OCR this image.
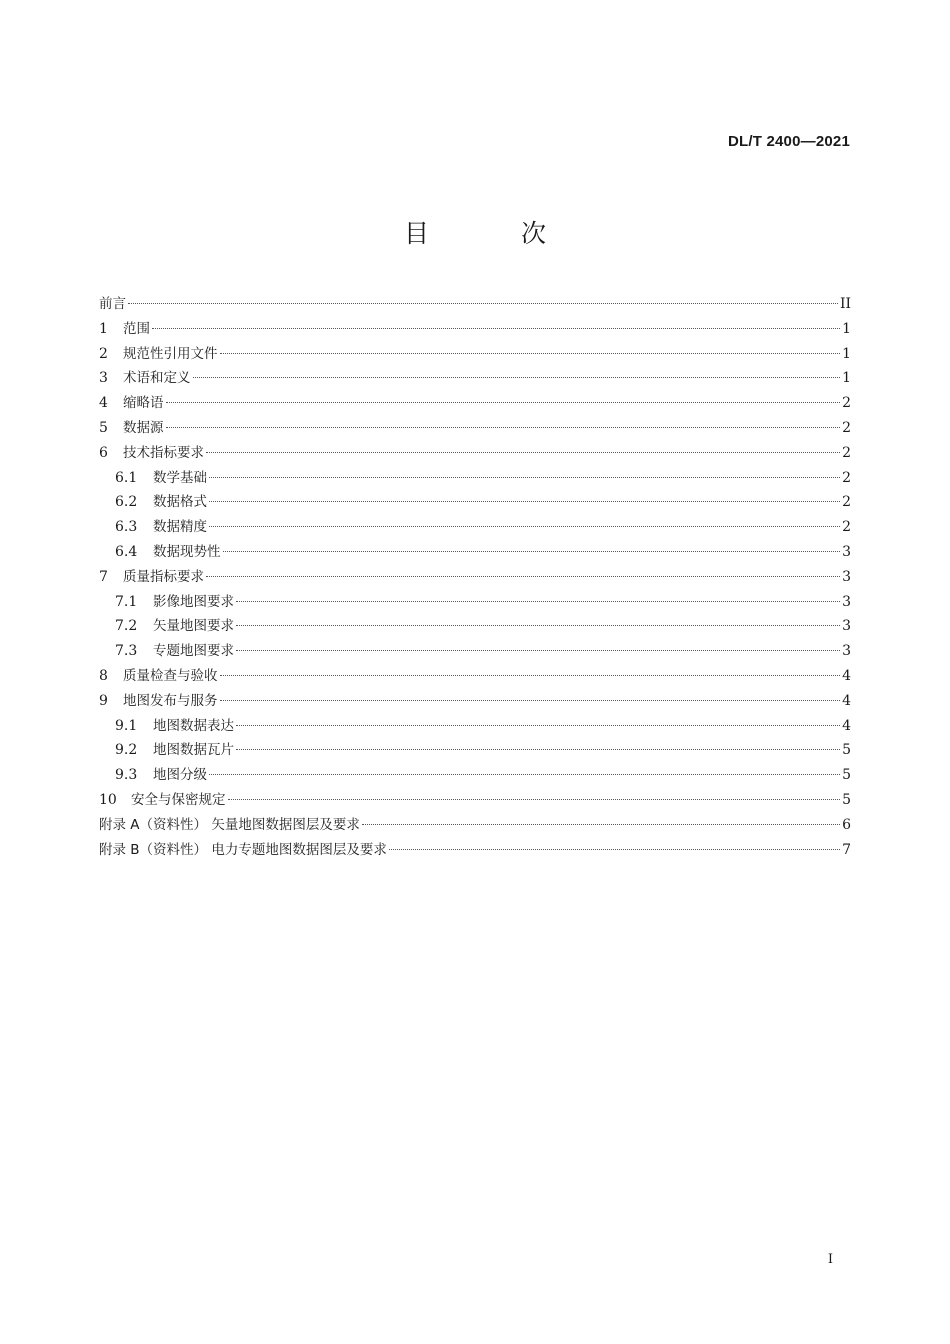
DL/T 2400—2021
目 次
前言	II
1	范围	1
2	规范性引用文件	1
3	术语和定义	1
4	缩略语	2
5	数据源	2
6	技术指标要求	2
6.1	数学基础	2
6.2	数据格式	2
6.3	数据精度	2
6.4	数据现势性	3
7	质量指标要求	3
7.1	影像地图要求	3
7.2	矢量地图要求	3
7.3	专题地图要求	3
8	质量检查与验收	4
9	地图发布与服务	4
9.1	地图数据表达	4
9.2	地图数据瓦片	5
9.3	地图分级	5
10	安全与保密规定	5
附录 A（资料性） 矢量地图数据图层及要求	6
附录 B（资料性） 电力专题地图数据图层及要求	7
I
